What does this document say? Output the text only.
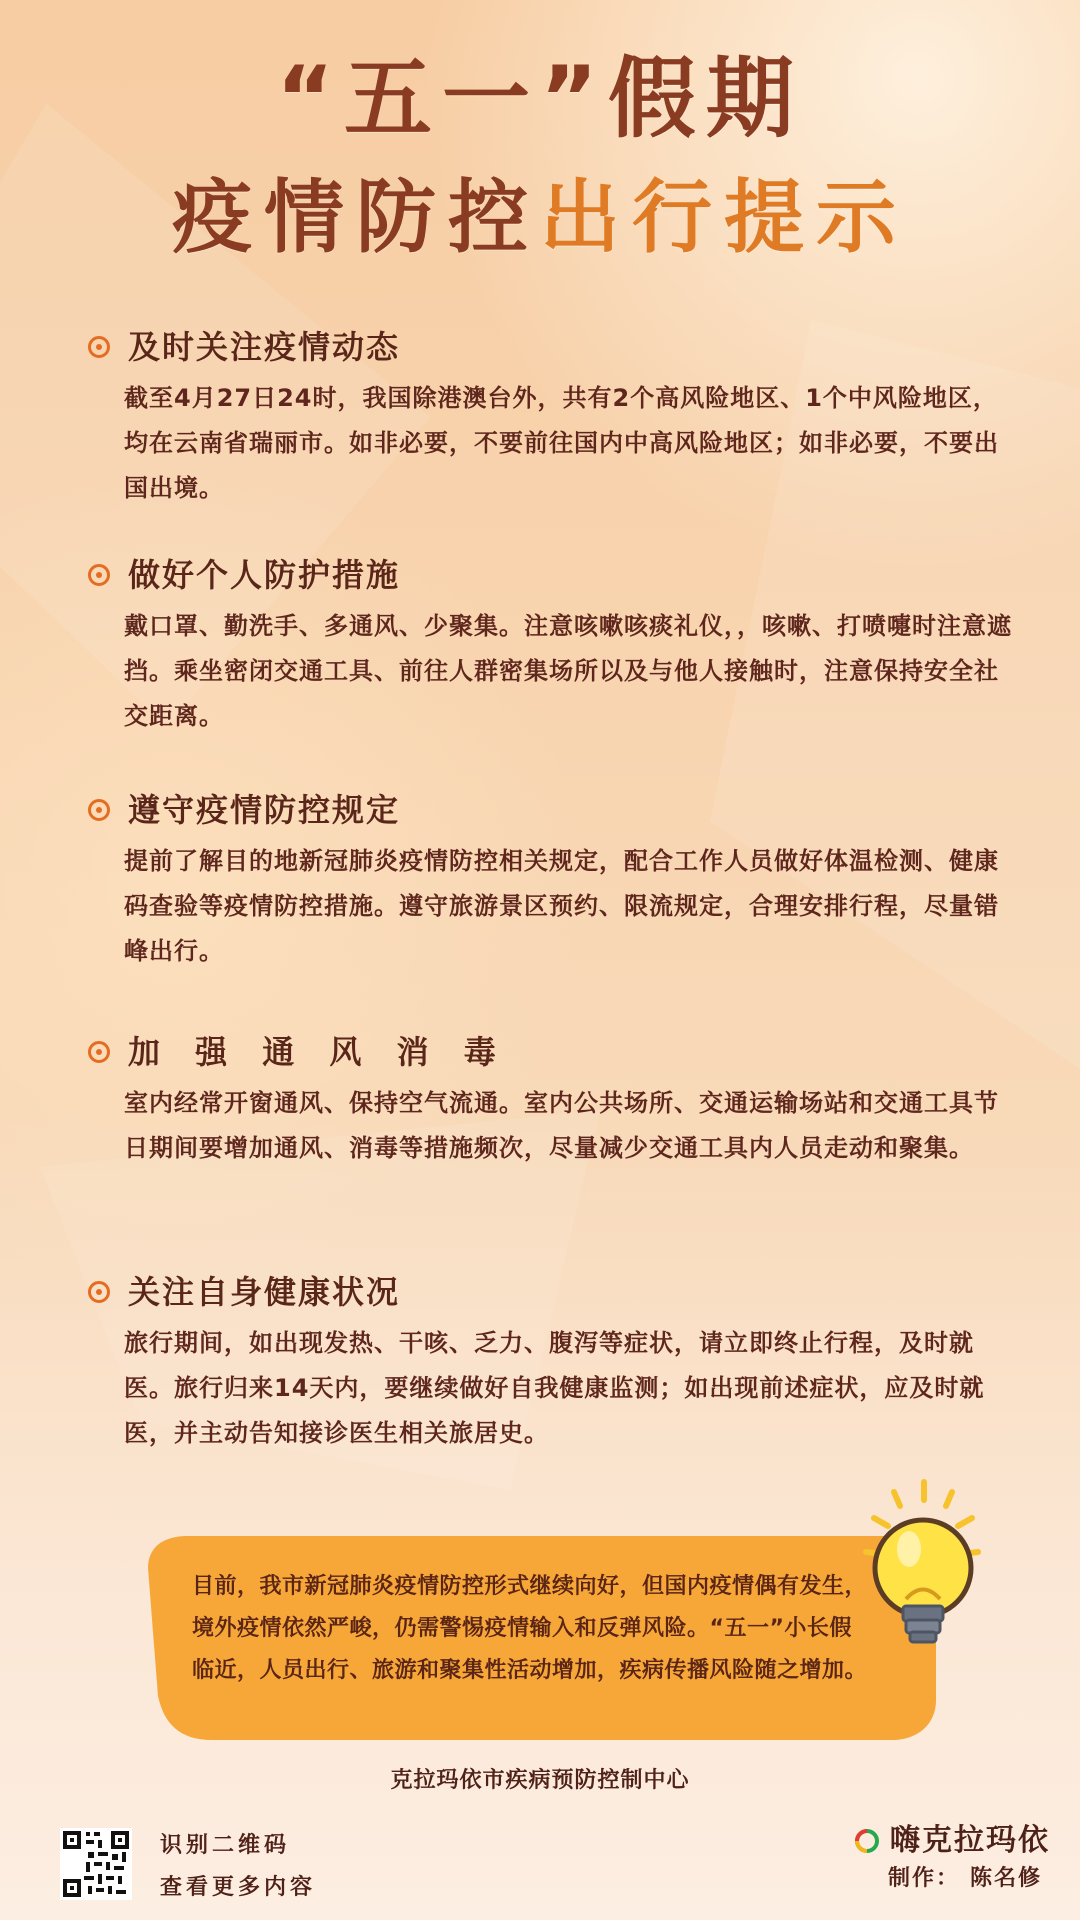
“五一”假期
疫情防控出行提示
及时关注疫情动态
截至4月27日24时，我国除港澳台外，共有2个高风险地区、1个中风险地区，均在云南省瑞丽市。如非必要，不要前往国内中高风险地区；如非必要，不要出国出境。
做好个人防护措施
戴口罩、勤洗手、多通风、少聚集。注意咳嗽咳痰礼仪，，咳嗽、打喷嚏时注意遮挡。乘坐密闭交通工具、前往人群密集场所以及与他人接触时，注意保持安全社交距离。
遵守疫情防控规定
提前了解目的地新冠肺炎疫情防控相关规定，配合工作人员做好体温检测、健康码查验等疫情防控措施。遵守旅游景区预约、限流规定，合理安排行程，尽量错峰出行。
加 强 通 风 消 毒
室内经常开窗通风、保持空气流通。室内公共场所、交通运输场站和交通工具节日期间要增加通风、消毒等措施频次，尽量减少交通工具内人员走动和聚集。
关注自身健康状况
旅行期间，如出现发热、干咳、乏力、腹泻等症状，请立即终止行程，及时就医。旅行归来14天内，要继续做好自我健康监测；如出现前述症状，应及时就医，并主动告知接诊医生相关旅居史。
目前，我市新冠肺炎疫情防控形式继续向好，但国内疫情偶有发生，境外疫情依然严峻，仍需警惕疫情输入和反弹风险。“五一”小长假临近，人员出行、旅游和聚集性活动增加，疾病传播风险随之增加。
克拉玛依市疾病预防控制中心
识别二维码
查看更多内容
嗨克拉玛依
制作： 陈名修
